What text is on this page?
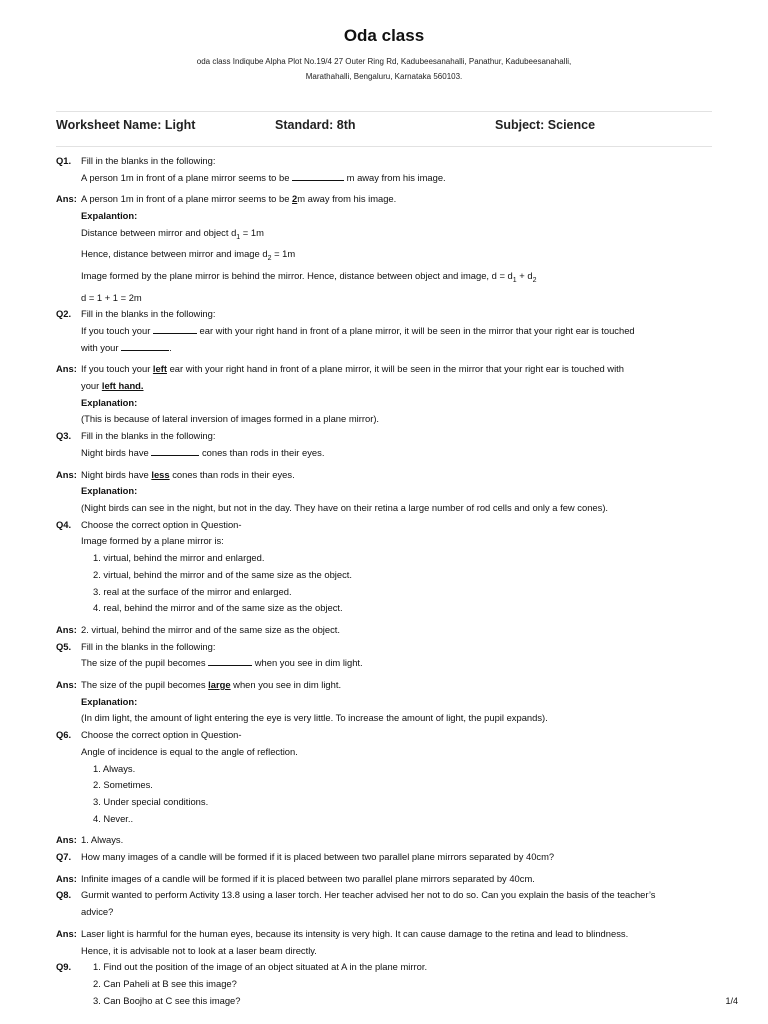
Oda class
oda class Indiqube Alpha Plot No.19/4 27 Outer Ring Rd, Kadubeesanahalli, Panathur, Kadubeesanahalli,
Marathahalli, Bengaluru, Karnataka 560103.
Worksheet Name: Light	Standard: 8th	Subject: Science
Q1.	Fill in the blanks in the following:
A person 1m in front of a plane mirror seems to be	m away from his image.
Ans: A person 1m in front of a plane mirror seems to be 2m away from his image.
Expalantion:
Distance between mirror and object $d_1 = 1m$
Hence, distance between mirror and image $d_2 = 1m$
Image formed by the plane mirror is behind the mirror. Hence, distance between object and image, $d = d_1 + d_2$
d = 1 + 1 = 2m
Q2.	Fill in the blanks in the following:
If you touch your	ear with your right hand in front of a plane mirror, it will be seen in the mirror that your right ear is touched
with your	.
Ans: If you touch your left ear with your right hand in front of a plane mirror, it will be seen in the mirror that your right ear is touched with
your left hand.
Explanation:
(This is because of lateral inversion of images formed in a plane mirror).
Q3.	Fill in the blanks in the following:
Night birds have	cones than rods in their eyes.
Ans: Night birds have less cones than rods in their eyes.
Explanation:
(Night birds can see in the night, but not in the day. They have on their retina a large number of rod cells and only a few cones).
Q4.	Choose the correct option in Question-
Image formed by a plane mirror is:
1. virtual, behind the mirror and enlarged.
2. virtual, behind the mirror and of the same size as the object.
3. real at the surface of the mirror and enlarged.
4. real, behind the mirror and of the same size as the object.
Ans: 2. virtual, behind the mirror and of the same size as the object.
Q5.	Fill in the blanks in the following:
The size of the pupil becomes	when you see in dim light.
Ans: The size of the pupil becomes large when you see in dim light.
Explanation:
(In dim light, the amount of light entering the eye is very little. To increase the amount of light, the pupil expands).
Q6.	Choose the correct option in Question-
Angle of incidence is equal to the angle of reflection.
1. Always.
2. Sometimes.
3. Under special conditions.
4. Never..
Ans: 1. Always.
Q7.	How many images of a candle will be formed if it is placed between two parallel plane mirrors separated by 40cm?
Ans: Infinite images of a candle will be formed if it is placed between two parallel plane mirrors separated by 40cm.
Q8.	Gurmit wanted to perform Activity 13.8 using a laser torch. Her teacher advised her not to do so. Can you explain the basis of the teacher’s
advice?
Ans: Laser light is harmful for the human eyes, because its intensity is very high. It can cause damage to the retina and lead to blindness.
Hence, it is advisable not to look at a laser beam directly.
Q9.	1. Find out the position of the image of an object situated at A in the plane mirror.
2. Can Paheli at B see this image?
3. Can Boojho at C see this image?	1/4
